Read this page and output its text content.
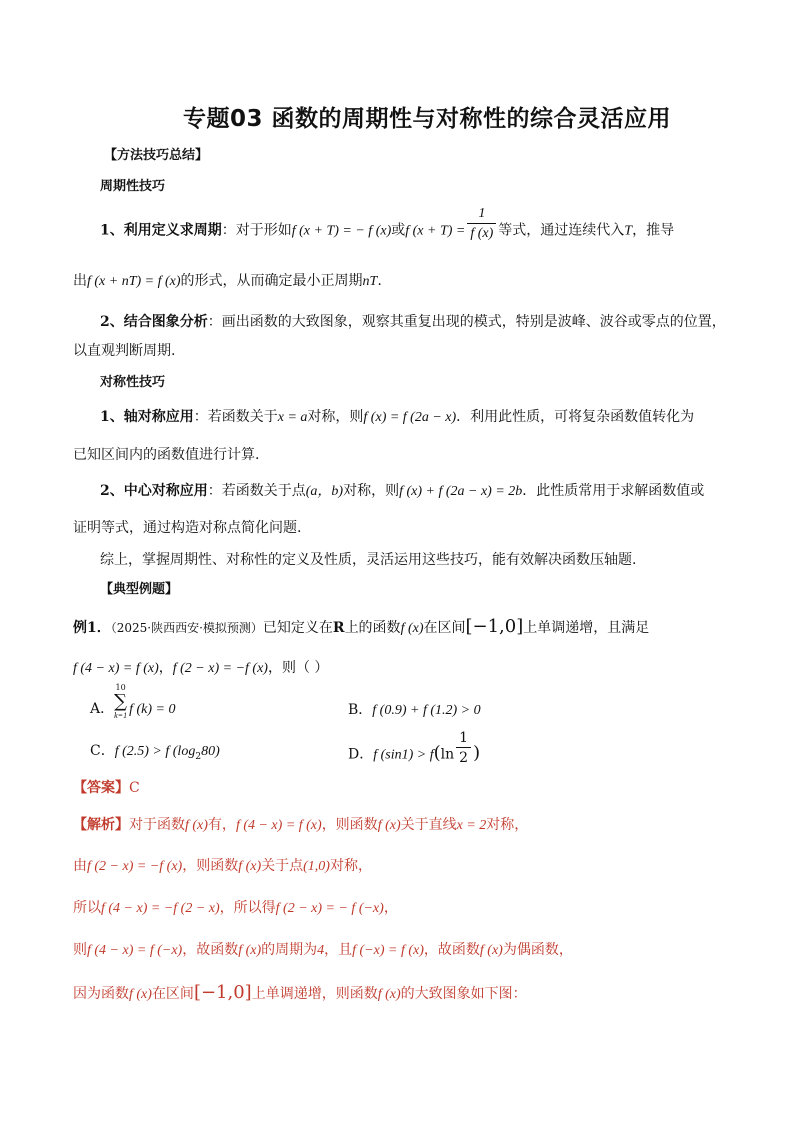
专题03 函数的周期性与对称性的综合灵活应用
【方法技巧总结】
周期性技巧
1、利用定义求周期：对于形如f (x + T) = − f (x)或f $(x + T) = \frac{1}{f (x)}$ 等式，通过连续代入T，推导
出f (x + nT) = f (x)的形式，从而确定最小正周期nT.
2、结合图象分析：画出函数的大致图象，观察其重复出现的模式，特别是波峰、波谷或零点的位置，
以直观判断周期.
对称性技巧
1、轴对称应用：若函数关于x = a对称，则f (x) = f (2a − x)．利用此性质，可将复杂函数值转化为
已知区间内的函数值进行计算.
2、中心对称应用：若函数关于点(a，b)对称，则f (x) + f (2a − x) = 2b．此性质常用于求解函数值或
证明等式，通过构造对称点简化问题.
综上，掌握周期性、对称性的定义及性质，灵活运用这些技巧，能有效解决函数压轴题.
【典型例题】
例1．（2025·陕西西安·模拟预测）已知定义在R上的函数f (x)在区间[−1,0]上单调递增，且满足
f (4 − x) = f (x)，f (2 − x) = −f (x)，则（ ）
A．
10
∑
k=1 f (k) = 0	B．f (0.9) + f (1.2) > 0
C．f (2.5) > f $(\log_280)$	D．f $(\sin 1) > f(\ln \frac{1}{2}$ )
【答案】C
【解析】对于函数f (x)有，f (4 − x) = f (x)，则函数f (x)关于直线x = 2对称，
由f (2 − x) = −f (x)，则函数f (x)关于点(1,0)对称，
所以f (4 − x) = −f (2 − x)，所以得f (2 − x) = − f (−x)，
则f (4 − x) = f (−x)，故函数f (x)的周期为4，且f (−x) = f (x)，故函数f (x)为偶函数，
因为函数f (x)在区间[−1,0]上单调递增，则函数f (x)的大致图象如下图：
